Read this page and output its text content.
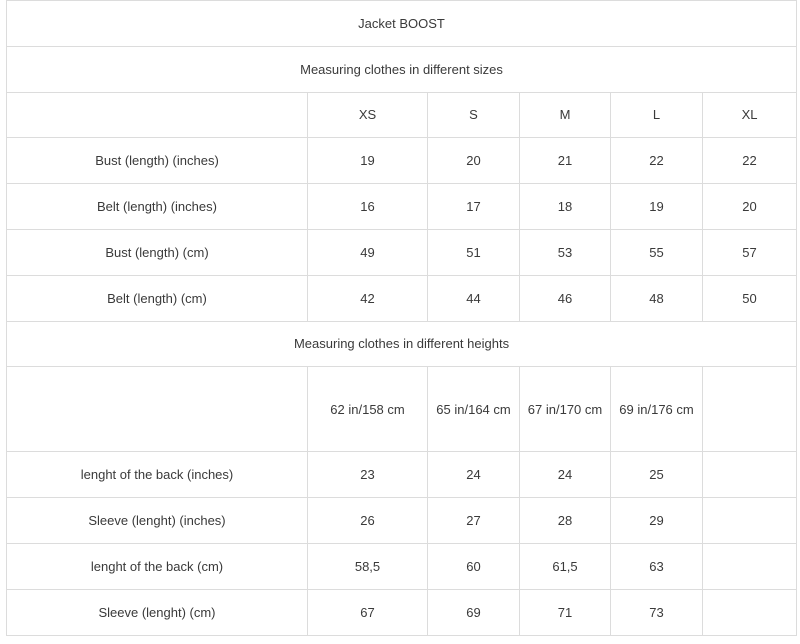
Jacket BOOST					
Measuring clothes in different sizes					
	XS	S	M	L	XL
Bust (length) (inches)	19	20	21	22	22
Belt (length) (inches)	16	17	18	19	20
Bust (length) (cm)	49	51	53	55	57
Belt (length) (cm)	42	44	46	48	50
Measuring clothes in different heights					
	62 in/158 cm	65 in/164 cm	67 in/170 cm	69 in/176 cm	
lenght of the back (inches)	23	24	24	25	
Sleeve (lenght) (inches)	26	27	28	29	
lenght of the back (cm)	58,5	60	61,5	63	
Sleeve (lenght) (cm)	67	69	71	73	
